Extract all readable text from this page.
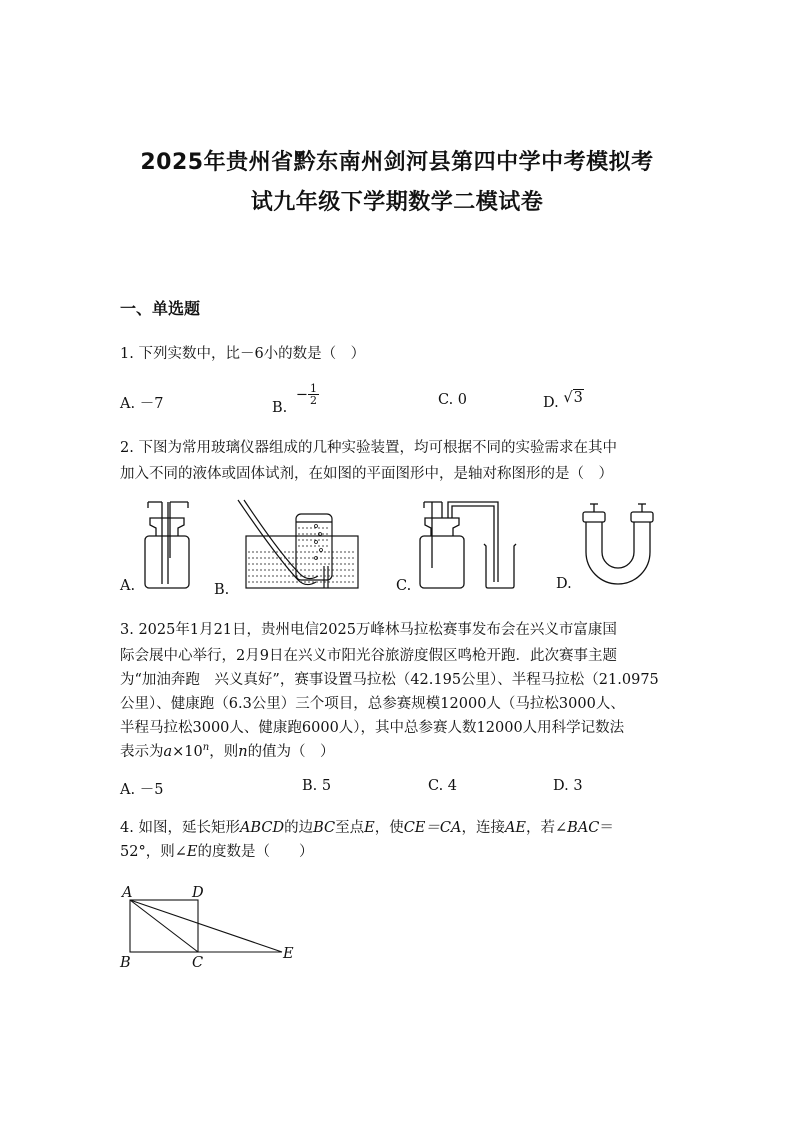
2025年贵州省黔东南州剑河县第四中学中考模拟考
试九年级下学期数学二模试卷
一、单选题
1. 下列实数中，比－6小的数是（　）
A. －7	B. − $\frac{1}{2}$	C. 0	D. √3
2. 下图为常用玻璃仪器组成的几种实验装置，均可根据不同的实验需求在其中
加入不同的液体或固体试剂，在如图的平面图形中，是轴对称图形的是（　）
A.	B.	C.	D.
3. 2025年1月21日，贵州电信2025万峰林马拉松赛事发布会在兴义市富康国
际会展中心举行，2月9日在兴义市阳光谷旅游度假区鸣枪开跑．此次赛事主题
为“加油奔跑　兴义真好”，赛事设置马拉松（42.195公里）、半程马拉松（21.0975
公里）、健康跑（6.3公里）三个项目，总参赛规模12000人（马拉松3000人、
半程马拉松3000人、健康跑6000人），其中总参赛人数12000人用科学记数法
表示为$a\times 10^n$，则n的值为（　）
A. －5	B. 5	C. 4	D. 3
4. 如图，延长矩形ABCD的边BC至点E，使CE＝CA，连接AE，若∠BAC＝
52°，则∠E的度数是（　　）
A	D
B	C
E
